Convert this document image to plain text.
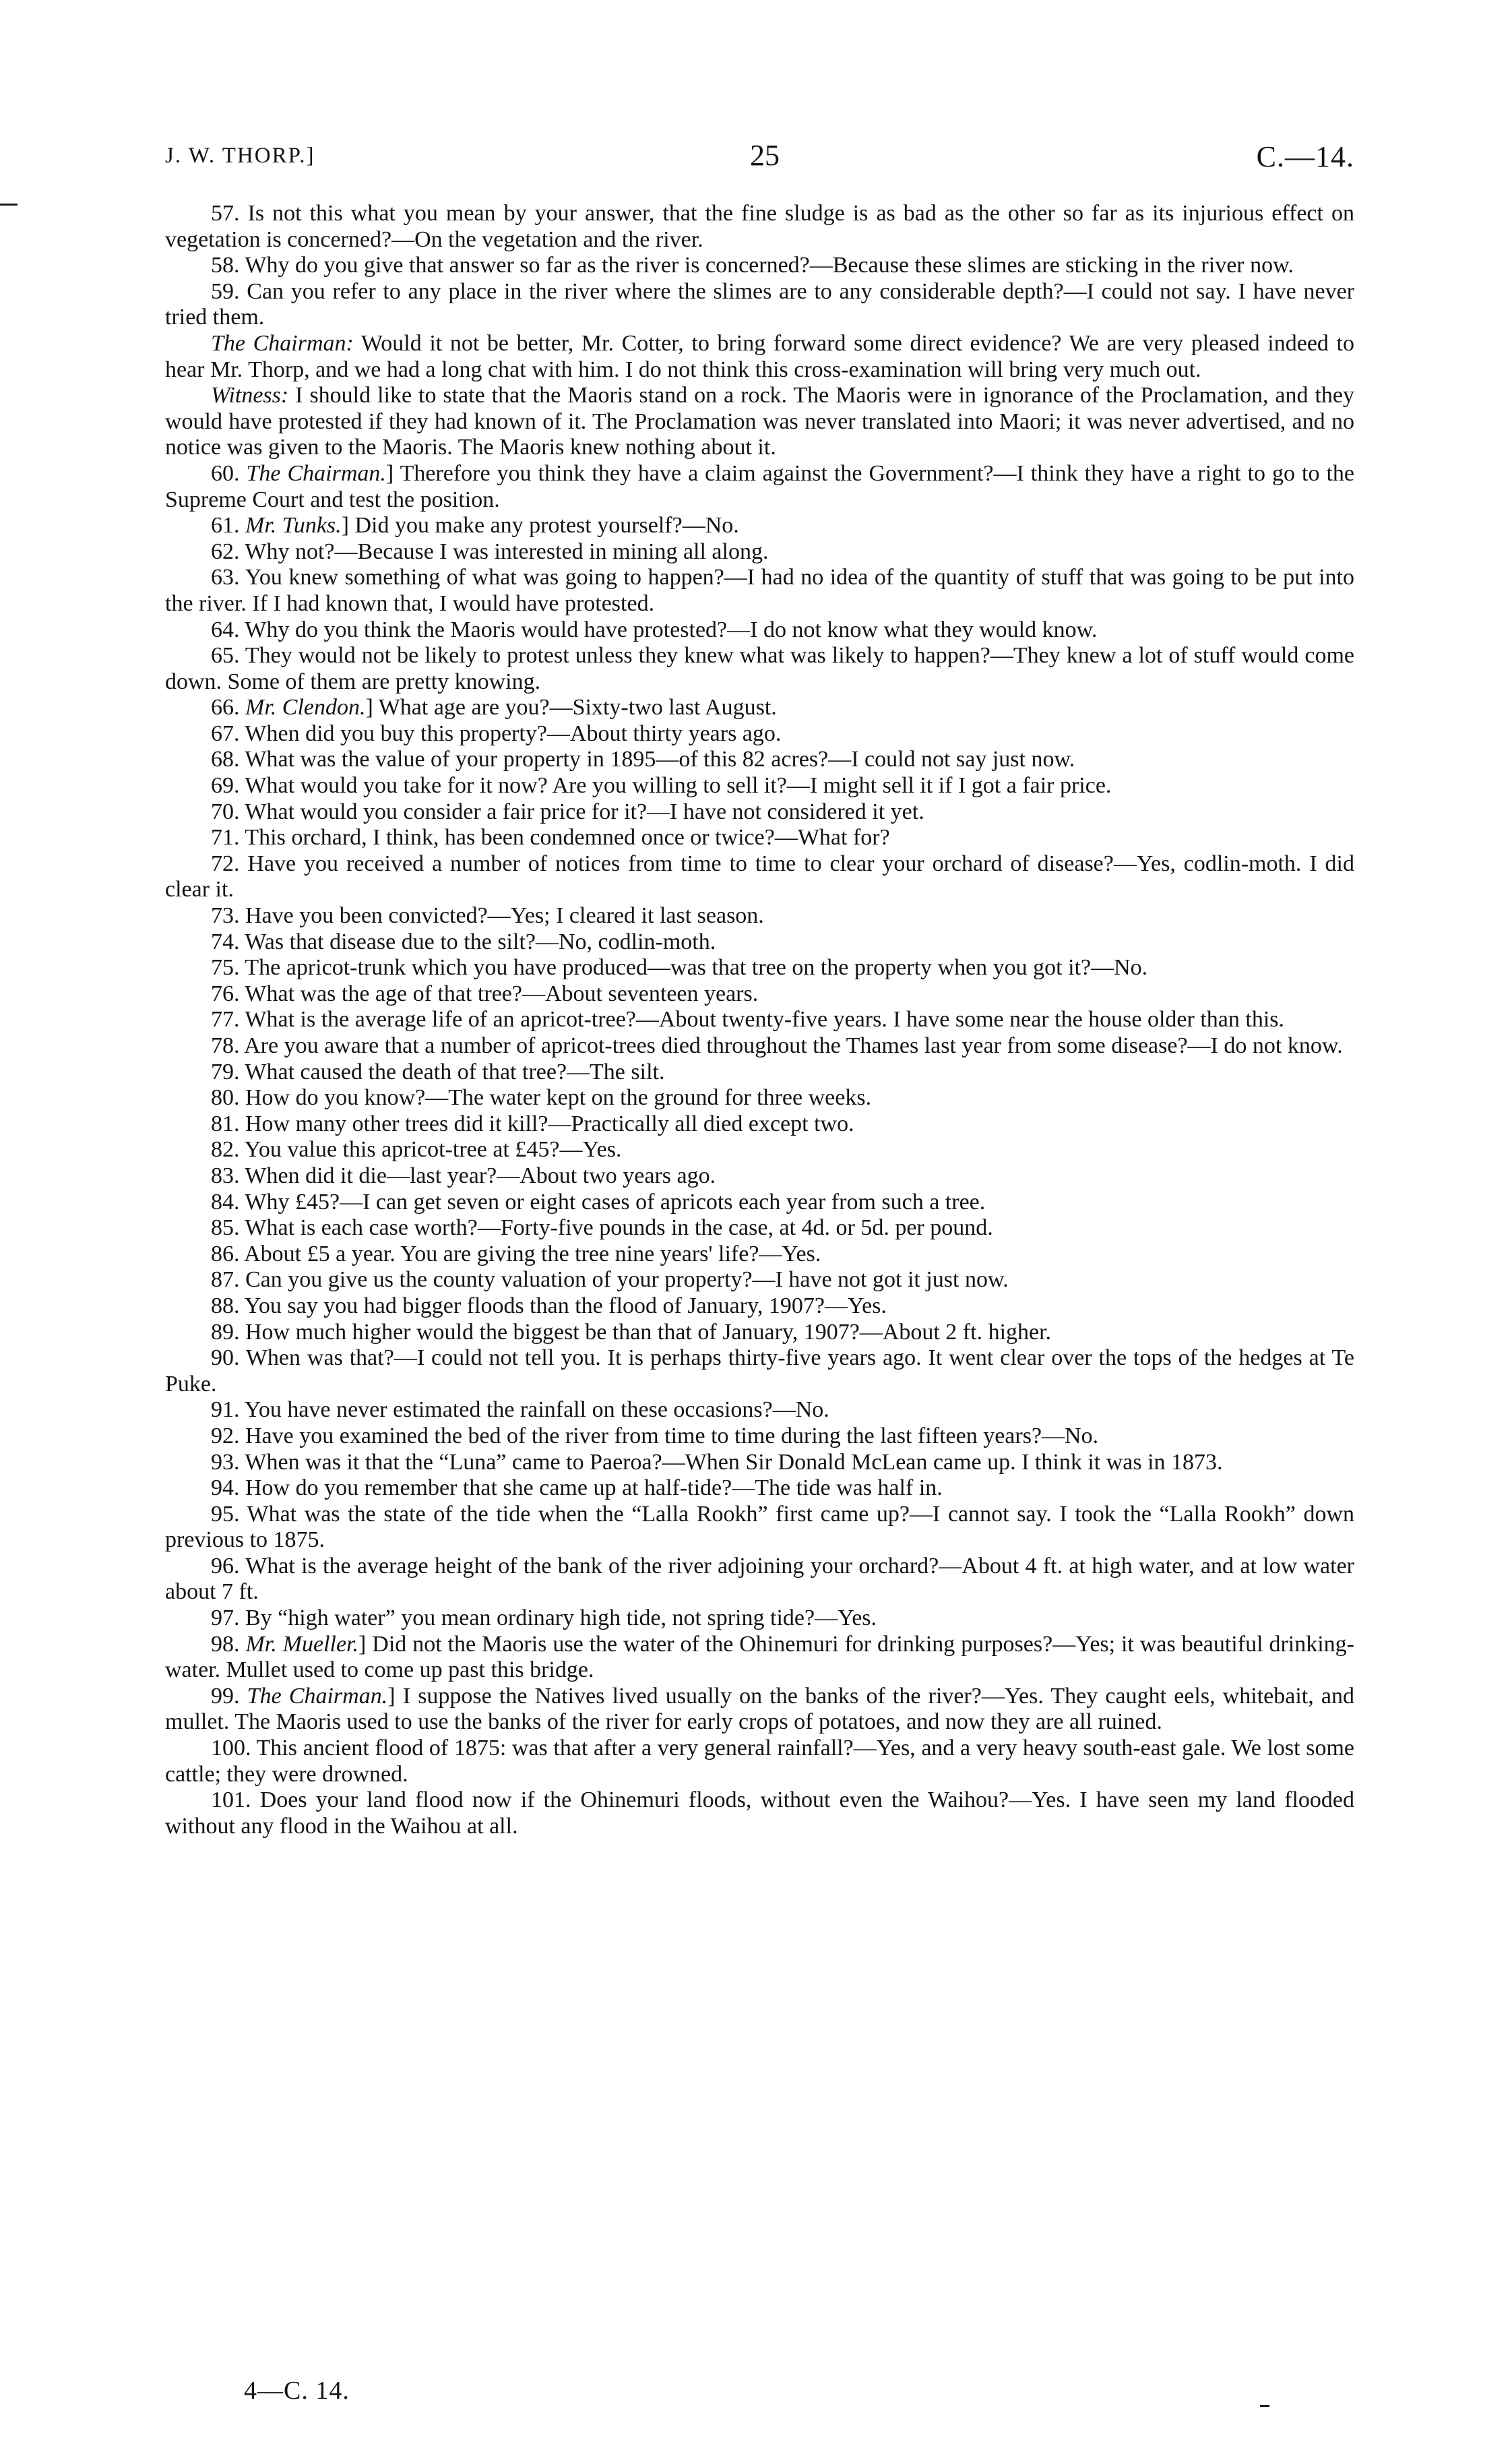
J. W. THORP.]	25	C.—14.

57. Is not this what you mean by your answer, that the fine sludge is as bad as the other so far as its injurious effect on vegetation is concerned?—On the vegetation and the river.

58. Why do you give that answer so far as the river is concerned?—Because these slimes are sticking in the river now.

59. Can you refer to any place in the river where the slimes are to any considerable depth?—I could not say. I have never tried them.

The Chairman: Would it not be better, Mr. Cotter, to bring forward some direct evidence? We are very pleased indeed to hear Mr. Thorp, and we had a long chat with him. I do not think this cross-examination will bring very much out.

Witness: I should like to state that the Maoris stand on a rock. The Maoris were in ignorance of the Proclamation, and they would have protested if they had known of it. The Proclamation was never translated into Maori; it was never advertised, and no notice was given to the Maoris. The Maoris knew nothing about it.

60. The Chairman.] Therefore you think they have a claim against the Government?—I think they have a right to go to the Supreme Court and test the position.

61. Mr. Tunks.] Did you make any protest yourself?—No.

62. Why not?—Because I was interested in mining all along.

63. You knew something of what was going to happen?—I had no idea of the quantity of stuff that was going to be put into the river. If I had known that, I would have protested.

64. Why do you think the Maoris would have protested?—I do not know what they would know.

65. They would not be likely to protest unless they knew what was likely to happen?—They knew a lot of stuff would come down. Some of them are pretty knowing.

66. Mr. Clendon.] What age are you?—Sixty-two last August.

67. When did you buy this property?—About thirty years ago.

68. What was the value of your property in 1895—of this 82 acres?—I could not say just now.

69. What would you take for it now? Are you willing to sell it?—I might sell it if I got a fair price.

70. What would you consider a fair price for it?—I have not considered it yet.

71. This orchard, I think, has been condemned once or twice?—What for?

72. Have you received a number of notices from time to time to clear your orchard of disease?—Yes, codlin-moth. I did clear it.

73. Have you been convicted?—Yes; I cleared it last season.

74. Was that disease due to the silt?—No, codlin-moth.

75. The apricot-trunk which you have produced—was that tree on the property when you got it?—No.

76. What was the age of that tree?—About seventeen years.

77. What is the average life of an apricot-tree?—About twenty-five years. I have some near the house older than this.

78. Are you aware that a number of apricot-trees died throughout the Thames last year from some disease?—I do not know.

79. What caused the death of that tree?—The silt.

80. How do you know?—The water kept on the ground for three weeks.

81. How many other trees did it kill?—Practically all died except two.

82. You value this apricot-tree at £45?—Yes.

83. When did it die—last year?—About two years ago.

84. Why £45?—I can get seven or eight cases of apricots each year from such a tree.

85. What is each case worth?—Forty-five pounds in the case, at 4d. or 5d. per pound.

86. About £5 a year. You are giving the tree nine years' life?—Yes.

87. Can you give us the county valuation of your property?—I have not got it just now.

88. You say you had bigger floods than the flood of January, 1907?—Yes.

89. How much higher would the biggest be than that of January, 1907?—About 2 ft. higher.

90. When was that?—I could not tell you. It is perhaps thirty-five years ago. It went clear over the tops of the hedges at Te Puke.

91. You have never estimated the rainfall on these occasions?—No.

92. Have you examined the bed of the river from time to time during the last fifteen years?—No.

93. When was it that the “Luna” came to Paeroa?—When Sir Donald McLean came up. I think it was in 1873.

94. How do you remember that she came up at half-tide?—The tide was half in.

95. What was the state of the tide when the “Lalla Rookh” first came up?—I cannot say. I took the “Lalla Rookh” down previous to 1875.

96. What is the average height of the bank of the river adjoining your orchard?—About 4 ft. at high water, and at low water about 7 ft.

97. By “high water” you mean ordinary high tide, not spring tide?—Yes.

98. Mr. Mueller.] Did not the Maoris use the water of the Ohinemuri for drinking purposes?—Yes; it was beautiful drinking-water. Mullet used to come up past this bridge.

99. The Chairman.] I suppose the Natives lived usually on the banks of the river?—Yes. They caught eels, whitebait, and mullet. The Maoris used to use the banks of the river for early crops of potatoes, and now they are all ruined.

100. This ancient flood of 1875: was that after a very general rainfall?—Yes, and a very heavy south-east gale. We lost some cattle; they were drowned.

101. Does your land flood now if the Ohinemuri floods, without even the Waihou?—Yes. I have seen my land flooded without any flood in the Waihou at all.

4—C. 14.
